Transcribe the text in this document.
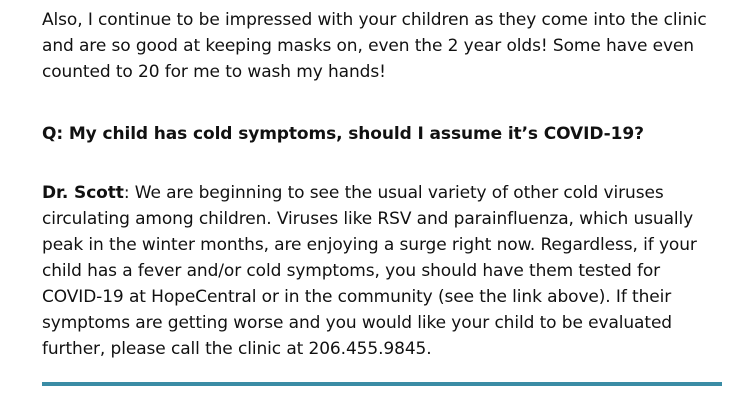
Also, I continue to be impressed with your children as they come into the clinic and are so good at keeping masks on, even the 2 year olds! Some have even counted to 20 for me to wash my hands!

Q: My child has cold symptoms, should I assume it’s COVID-19?

Dr. Scott: We are beginning to see the usual variety of other cold viruses circulating among children. Viruses like RSV and parainfluenza, which usually peak in the winter months, are enjoying a surge right now. Regardless, if your child has a fever and/or cold symptoms, you should have them tested for COVID-19 at HopeCentral or in the community (see the link above). If their symptoms are getting worse and you would like your child to be evaluated further, please call the clinic at 206.455.9845.
